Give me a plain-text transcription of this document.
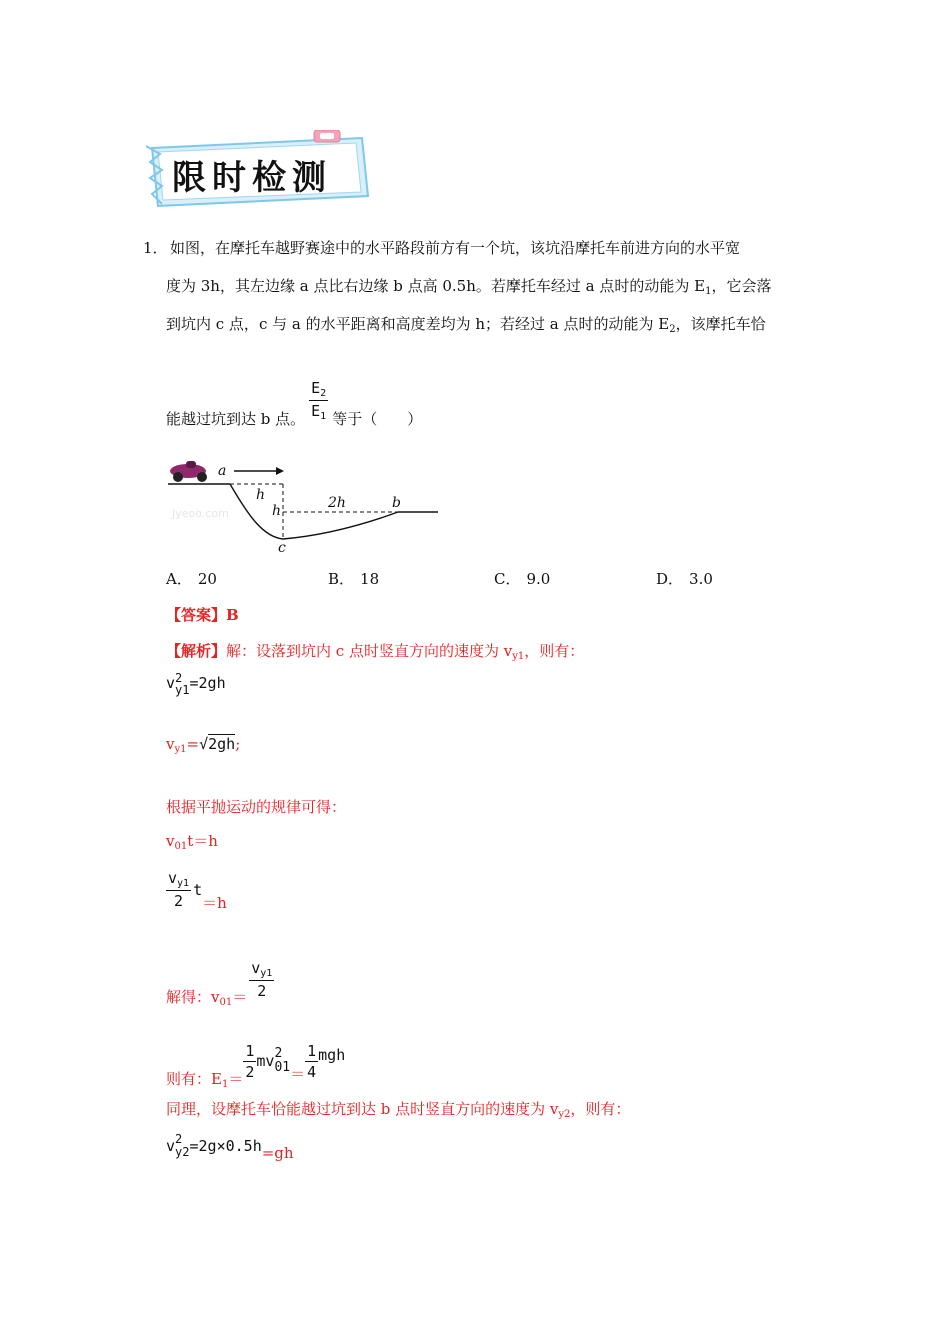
限时检测
1． 如图，在摩托车越野赛途中的水平路段前方有一个坑，该坑沿摩托车前进方向的水平宽
度为 3h，其左边缘 a 点比右边缘 b 点高 0.5h。若摩托车经过 a 点时的动能为 $E_1$，它会落
到坑内 c 点，c 与 a 的水平距离和高度差均为 h；若经过 a 点时的动能为 $E_2$，该摩托车恰
能越过坑到达 b 点。 $\frac{E_2}{E_1}$ 等于（　　）
a
h
h	2h	b
c
Jyeoo.com
A． 20	B． 18	C． 9.0	D． 3.0
【答案】B
【解析】解：设落到坑内 c 点时竖直方向的速度为 $v_{y1}$，则有：
v 2
y1 =2gh
$v_{y1}=√2gh$;
根据平抛运动的规律可得：
$v_{01}t=h$
$\frac{v_{y1}}{2}$ t
＝h
解得：$v_{01}= \frac{v_{y1}}{2}$
则有：$E_1= \frac{1}{2}$ mv 2
$01 = \frac{1}{4}$ mgh
同理，设摩托车恰能越过坑到达 b 点时竖直方向的速度为 $v_{y2}$，则有：
v 2
y2 =2g×0.5h =gh
